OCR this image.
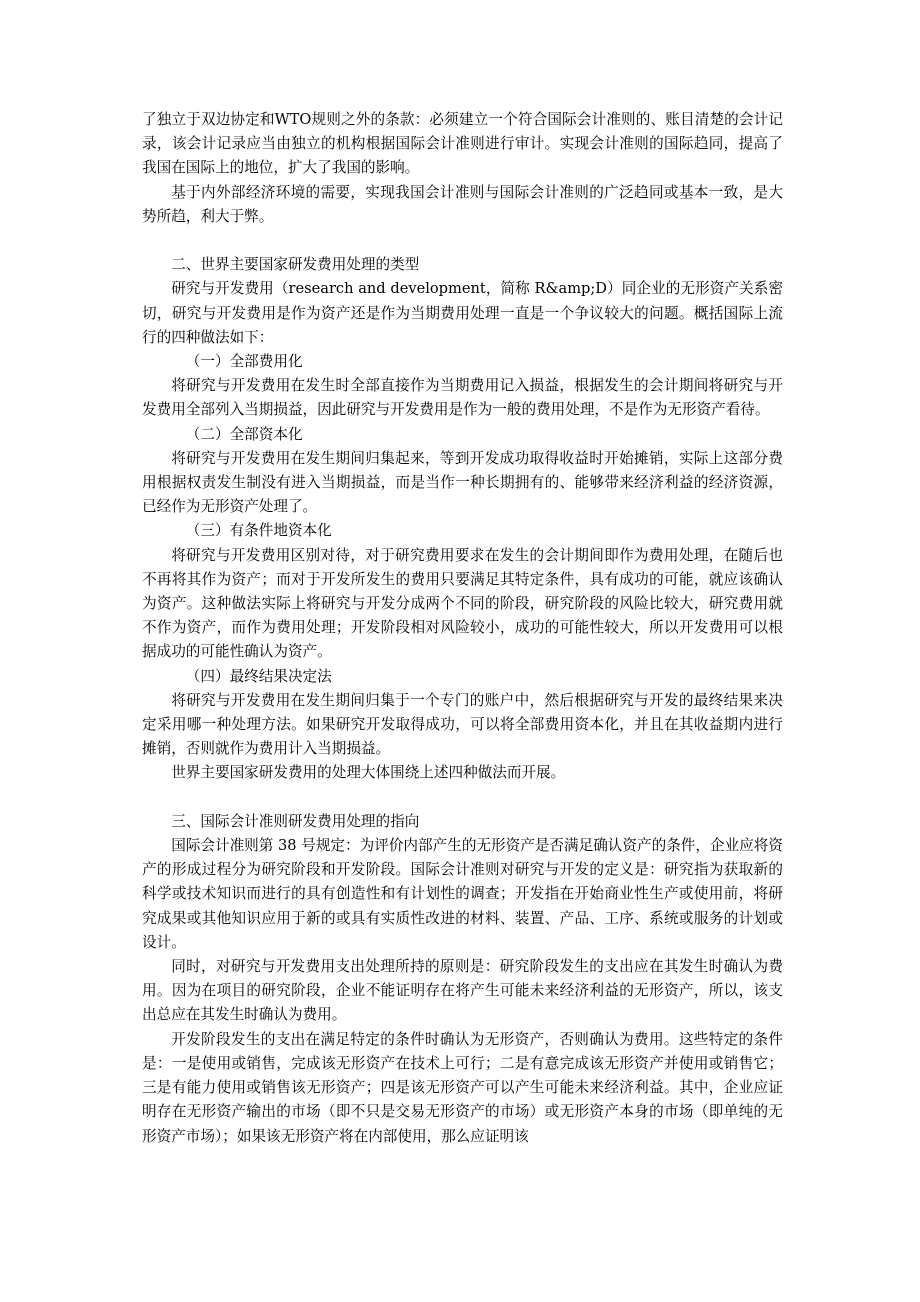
了独立于双边协定和WTO规则之外的条款：必须建立一个符合国际会计准则的、账目清楚的会计记录，该会计记录应当由独立的机构根据国际会计准则进行审计。实现会计准则的国际趋同，提高了我国在国际上的地位，扩大了我国的影响。

基于内外部经济环境的需要，实现我国会计准则与国际会计准则的广泛趋同或基本一致，是大势所趋，利大于弊。

二、世界主要国家研发费用处理的类型

研究与开发费用（research and development，简称 R&amp;D）同企业的无形资产关系密切，研究与开发费用是作为资产还是作为当期费用处理一直是一个争议较大的问题。概括国际上流行的四种做法如下：

（一）全部费用化

将研究与开发费用在发生时全部直接作为当期费用记入损益，根据发生的会计期间将研究与开发费用全部列入当期损益，因此研究与开发费用是作为一般的费用处理，不是作为无形资产看待。

（二）全部资本化

将研究与开发费用在发生期间归集起来，等到开发成功取得收益时开始摊销，实际上这部分费用根据权责发生制没有进入当期损益，而是当作一种长期拥有的、能够带来经济利益的经济资源，已经作为无形资产处理了。

（三）有条件地资本化

将研究与开发费用区别对待，对于研究费用要求在发生的会计期间即作为费用处理，在随后也不再将其作为资产；而对于开发所发生的费用只要满足其特定条件，具有成功的可能，就应该确认为资产。这种做法实际上将研究与开发分成两个不同的阶段，研究阶段的风险比较大，研究费用就不作为资产，而作为费用处理；开发阶段相对风险较小，成功的可能性较大，所以开发费用可以根据成功的可能性确认为资产。

（四）最终结果决定法

将研究与开发费用在发生期间归集于一个专门的账户中，然后根据研究与开发的最终结果来决定采用哪一种处理方法。如果研究开发取得成功，可以将全部费用资本化，并且在其收益期内进行摊销，否则就作为费用计入当期损益。

世界主要国家研发费用的处理大体围绕上述四种做法而开展。

三、国际会计准则研发费用处理的指向

国际会计准则第 38 号规定：为评价内部产生的无形资产是否满足确认资产的条件，企业应将资产的形成过程分为研究阶段和开发阶段。国际会计准则对研究与开发的定义是：研究指为获取新的科学或技术知识而进行的具有创造性和有计划性的调查；开发指在开始商业性生产或使用前，将研究成果或其他知识应用于新的或具有实质性改进的材料、装置、产品、工序、系统或服务的计划或设计。

同时，对研究与开发费用支出处理所持的原则是：研究阶段发生的支出应在其发生时确认为费用。因为在项目的研究阶段，企业不能证明存在将产生可能未来经济利益的无形资产，所以，该支出总应在其发生时确认为费用。

开发阶段发生的支出在满足特定的条件时确认为无形资产，否则确认为费用。这些特定的条件是：一是使用或销售，完成该无形资产在技术上可行；二是有意完成该无形资产并使用或销售它；三是有能力使用或销售该无形资产；四是该无形资产可以产生可能未来经济利益。其中，企业应证明存在无形资产输出的市场（即不只是交易无形资产的市场）或无形资产本身的市场（即单纯的无形资产市场）；如果该无形资产将在内部使用，那么应证明该
